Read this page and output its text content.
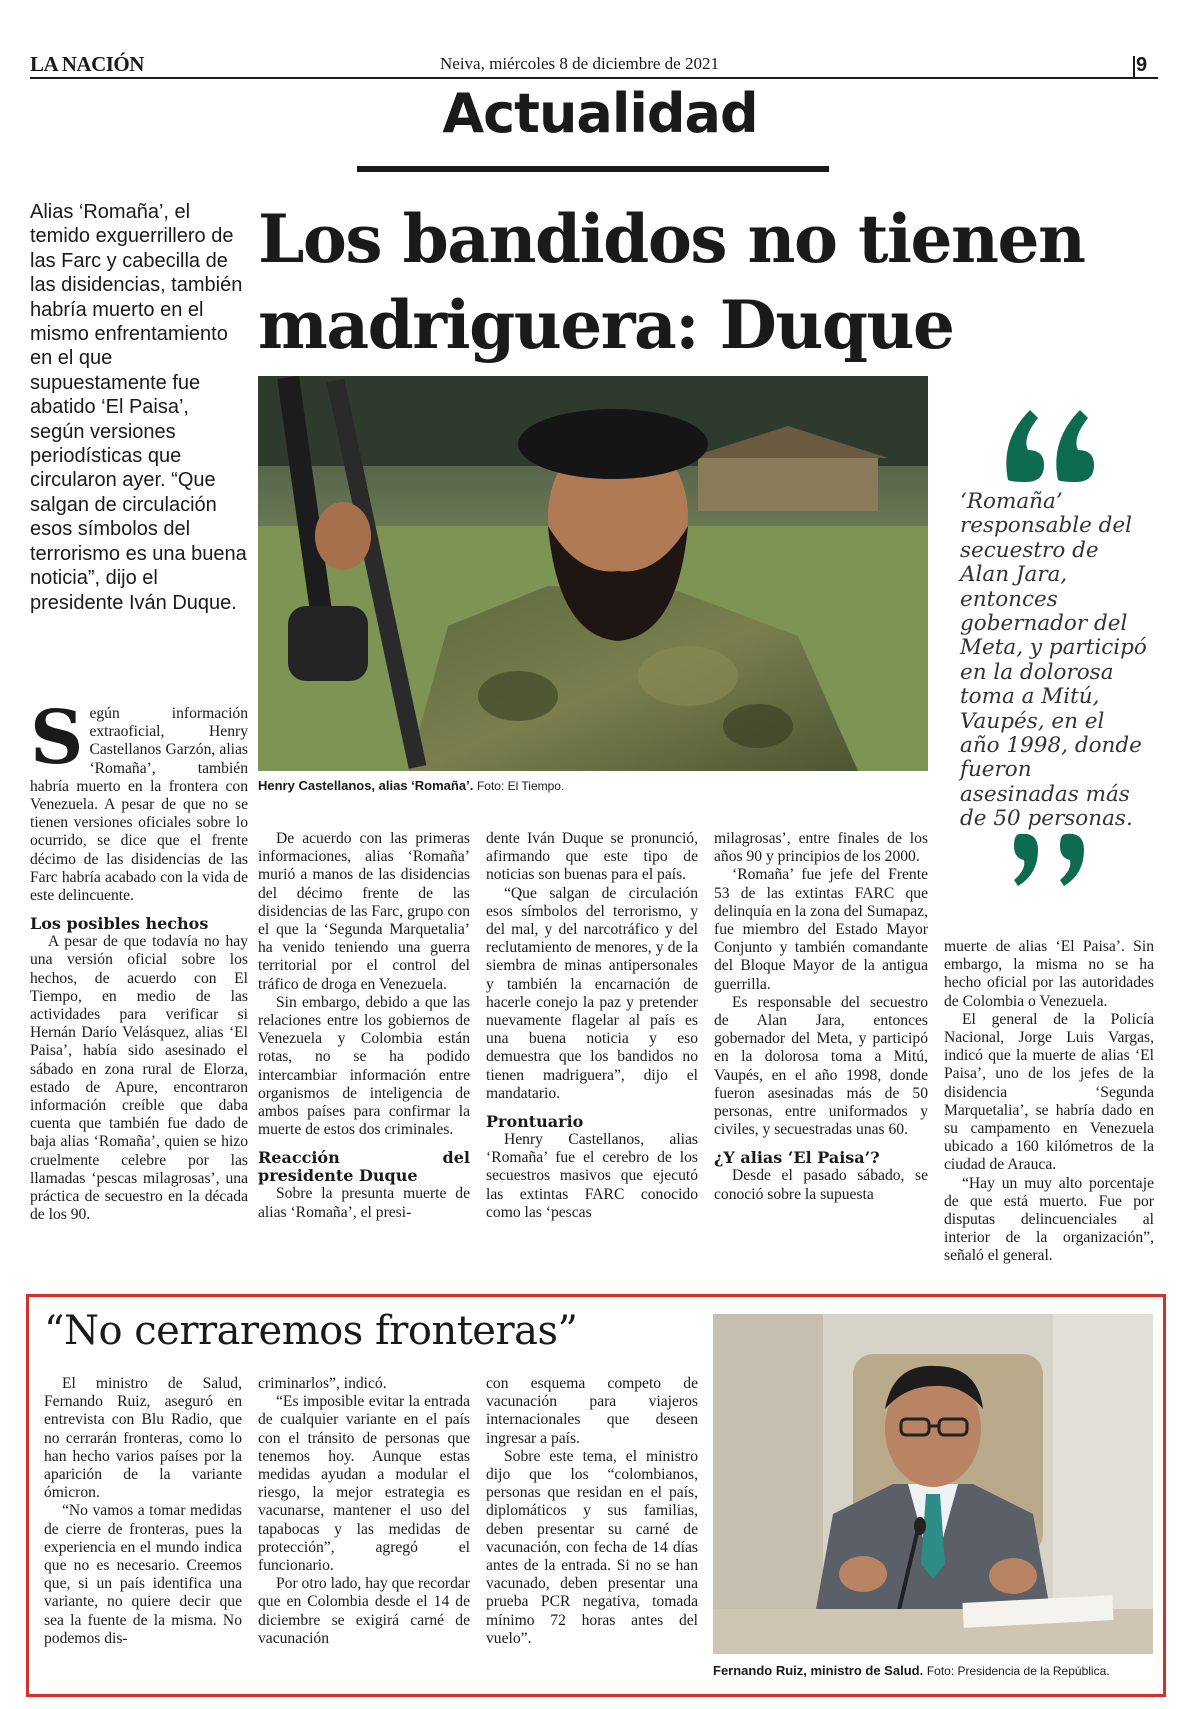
LA NACIÓN	Neiva, miércoles 8 de diciembre de 2021	9
Actualidad
Alias ‘Romaña’, el temido exguerrillero de las Farc y cabecilla de las disidencias, también habría muerto en el mismo enfrentamiento en el que supuestamente fue abatido ‘El Paisa’, según versiones periodísticas que circularon ayer. “Que salgan de circulación esos símbolos del terrorismo es una buena noticia”, dijo el presidente Iván Duque.
Los bandidos no tienen madriguera: Duque
Henry Castellanos, alias ‘Romaña’. Foto: El Tiempo.
‘Romaña’ responsable del secuestro de Alan Jara, entonces gobernador del Meta, y participó en la dolorosa toma a Mitú, Vaupés, en el año 1998, donde fueron asesinadas más de 50 personas.
S egún información extraoficial, Henry Castellanos Garzón, alias ‘Romaña’, también habría muerto en la frontera con Venezuela. A pesar de que no se tienen versiones oficiales sobre lo ocurrido, se dice que el frente décimo de las disidencias de las Farc habría acabado con la vida de este delincuente.

Los posibles hechos

A pesar de que todavía no hay una versión oficial sobre los hechos, de acuerdo con El Tiempo, en medio de las actividades para verificar si Hernán Darío Velásquez, alias ‘El Paisa’, había sido asesinado el sábado en zona rural de Elorza, estado de Apure, encontraron información creíble que daba cuenta que también fue dado de baja alias ‘Romaña’, quien se hizo cruelmente celebre por las llamadas ‘pescas milagrosas’, una práctica de secuestro en la década de los 90.

De acuerdo con las primeras informaciones, alias ‘Romaña’ murió a manos de las disidencias del décimo frente de las disidencias de las Farc, grupo con el que la ‘Segunda Marquetalia’ ha venido teniendo una guerra territorial por el control del tráfico de droga en Venezuela.

Sin embargo, debido a que las relaciones entre los gobiernos de Venezuela y Colombia están rotas, no se ha podido intercambiar información entre organismos de inteligencia de ambos países para confirmar la muerte de estos dos criminales.

Reacción del presidente Duque

Sobre la presunta muerte de alias ‘Romaña’, el presi-

dente Iván Duque se pronunció, afirmando que este tipo de noticias son buenas para el país.

“Que salgan de circulación esos símbolos del terrorismo, y del mal, y del narcotráfico y del reclutamiento de menores, y de la siembra de minas antipersonales y también la encarnación de hacerle conejo la paz y pretender nuevamente flagelar al país es una buena noticia y eso demuestra que los bandidos no tienen madriguera”, dijo el mandatario.

Prontuario

Henry Castellanos, alias ‘Romaña’ fue el cerebro de los secuestros masivos que ejecutó las extintas FARC conocido como las ‘pescas

milagrosas’, entre finales de los años 90 y principios de los 2000.

‘Romaña’ fue jefe del Frente 53 de las extintas FARC que delinquía en la zona del Sumapaz, fue miembro del Estado Mayor Conjunto y también comandante del Bloque Mayor de la antigua guerrilla.

Es responsable del secuestro de Alan Jara, entonces gobernador del Meta, y participó en la dolorosa toma a Mitú, Vaupés, en el año 1998, donde fueron asesinadas más de 50 personas, entre uniformados y civiles, y secuestradas unas 60.

¿Y alias ‘El Paisa’?

Desde el pasado sábado, se conoció sobre la supuesta

muerte de alias ‘El Paisa’. Sin embargo, la misma no se ha hecho oficial por las autoridades de Colombia o Venezuela.

El general de la Policía Nacional, Jorge Luis Vargas, indicó que la muerte de alias ‘El Paisa’, uno de los jefes de la disidencia ‘Segunda Marquetalia’, se habría dado en su campamento en Venezuela ubicado a 160 kilómetros de la ciudad de Arauca.

“Hay un muy alto porcentaje de que está muerto. Fue por disputas delincuenciales al interior de la organización”, señaló el general.

“No cerraremos fronteras”

El ministro de Salud, Fernando Ruiz, aseguró en entrevista con Blu Radio, que no cerrarán fronteras, como lo han hecho varios países por la aparición de la variante ómicron.

“No vamos a tomar medidas de cierre de fronteras, pues la experiencia en el mundo indica que no es necesario. Creemos que, si un país identifica una variante, no quiere decir que sea la fuente de la misma. No podemos dis-

criminarlos”, indicó.

“Es imposible evitar la entrada de cualquier variante en el país con el tránsito de personas que tenemos hoy. Aunque estas medidas ayudan a modular el riesgo, la mejor estrategia es vacunarse, mantener el uso del tapabocas y las medidas de protección”, agregó el funcionario.

Por otro lado, hay que recordar que en Colombia desde el 14 de diciembre se exigirá carné de vacunación

con esquema competo de vacunación para viajeros internacionales que deseen ingresar a país.

Sobre este tema, el ministro dijo que los “colombianos, personas que residan en el país, diplomáticos y sus familias, deben presentar su carné de vacunación, con fecha de 14 días antes de la entrada. Si no se han vacunado, deben presentar una prueba PCR negativa, tomada mínimo 72 horas antes del vuelo”.

Fernando Ruiz, ministro de Salud. Foto: Presidencia de la República.
